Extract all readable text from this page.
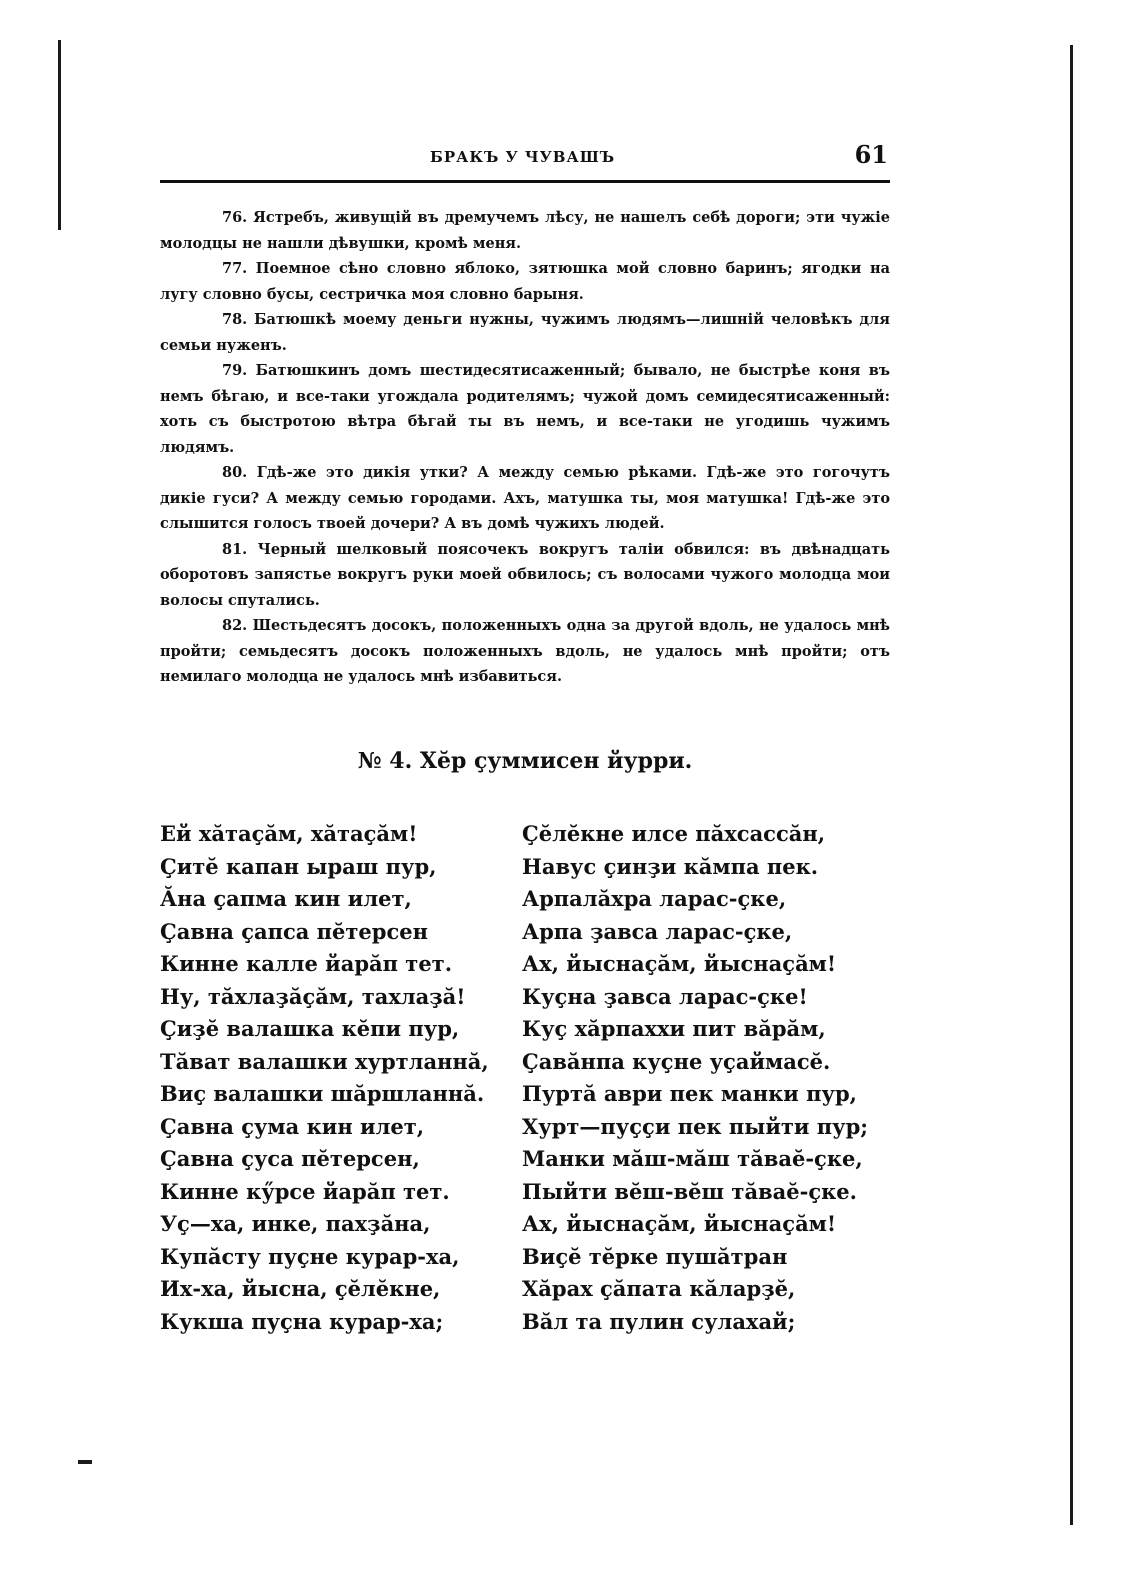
БРАКЪ У ЧУВАШЪ	61

76. Ястребъ, живущій въ дремучемъ лѣсу, не нашелъ себѣ дороги; эти чужіе молодцы не нашли дѣвушки, кромѣ меня.

77. Поемное сѣно словно яблоко, зятюшка мой словно баринъ; ягодки на лугу словно бусы, сестричка моя словно барыня.

78. Батюшкѣ моему деньги нужны, чужимъ людямъ—лишній человѣкъ для семьи нуженъ.

79. Батюшкинъ домъ шестидесятисаженный; бывало, не быстрѣе коня въ немъ бѣгаю, и все-таки угождала родителямъ; чужой домъ семидесятисаженный: хоть съ быстротою вѣтра бѣгай ты въ немъ, и все-таки не угодишь чужимъ людямъ.

80. Гдѣ-же это дикія утки? А между семью рѣками. Гдѣ-же это гогочутъ дикіе гуси? А между семью городами. Ахъ, матушка ты, моя матушка! Гдѣ-же это слышится голосъ твоей дочери? А въ домѣ чужихъ людей.

81. Черный шелковый поясочекъ вокругъ таліи обвился: въ двѣнадцать оборотовъ запястье вокругъ руки моей обвилось; съ волосами чужого молодца мои волосы спутались.

82. Шестьдесятъ досокъ, положенныхъ одна за другой вдоль, не удалось мнѣ пройти; семьдесятъ досокъ положенныхъ вдоль, не удалось мнѣ пройти; отъ немилаго молодца не удалось мнѣ избавиться.

№ 4. Хӗр ҫуммисен йурри.
Ей хӑтаҫӑм, хӑтаҫӑм!
Ҫитӗ капан ыраш пур,
Ӑна ҫапма кин илет,
Ҫавна ҫапса пӗтерсен
Кинне калле йарӑп тет.
Ну, тӑхлаҙӑҫӑм, тахлаҙӑ!
Ҫиҙӗ валашка кӗпи пур,
Тӑват валашки хуртланнӑ,
Виҫ валашки шӑршланнӑ.
Ҫавна ҫума кин илет,
Ҫавна ҫуса пӗтерсен,
Кинне кӳрсе йарӑп тет.
Уҫ—ха, инке, пахҙӑна,
Купӑсту пуҫне курар-ха,
Их-ха, йысна, ҫӗлӗкне,
Кукша пуҫна курар-ха;
Ҫӗлӗкне илсе пӑхсассӑн,
Навус ҫинҙи кӑмпа пек.
Арпалӑхра ларас-ҫке,
Арпа ҙавса ларас-ҫке,
Ах, йыснаҫӑм, йыснаҫӑм!
Куҫна ҙавса ларас-ҫке!
Куҫ хӑрпаххи пит вӑрӑм,
Ҫавӑнпа куҫне уҫаймасӗ.
Пуртӑ аври пек манки пур,
Хурт—пуҫҫи пек пыйти пур;
Манки мӑш-мӑш тӑваӗ-ҫке,
Пыйти вӗш-вӗш тӑваӗ-ҫке.
Ах, йыснаҫӑм, йыснаҫӑм!
Виҫӗ тӗрке пушӑтран
Хӑрах ҫӑпата кӑларҙӗ,
Вӑл та пулин сулахай;
